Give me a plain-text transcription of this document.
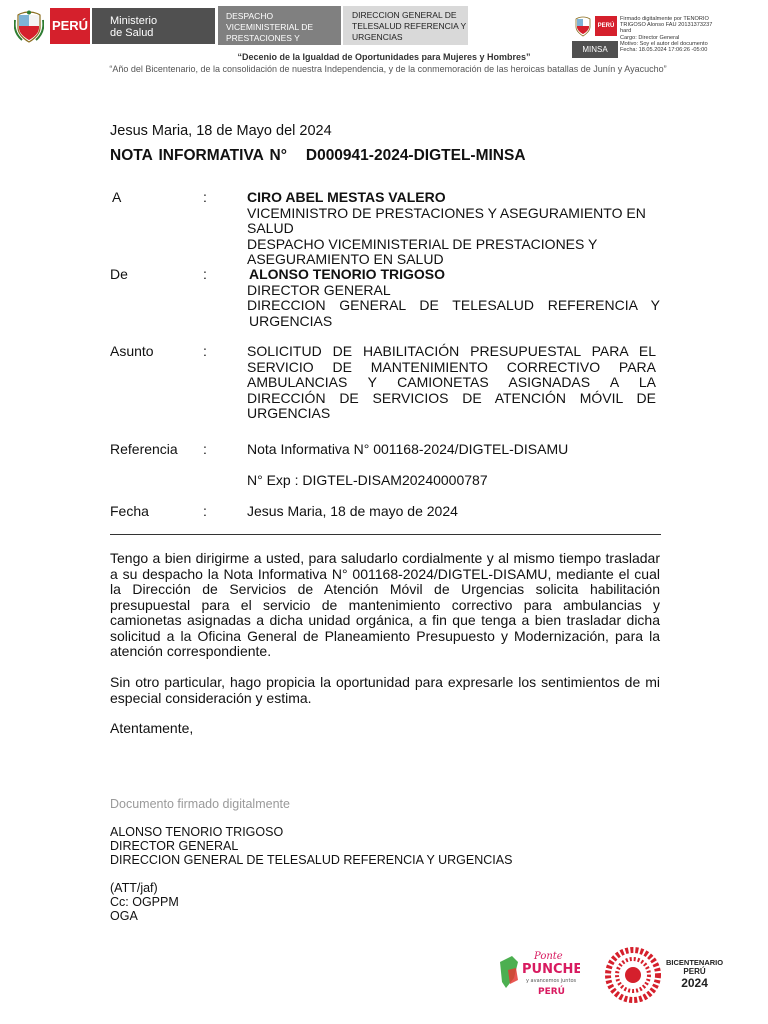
PERÚ	Ministerio
de Salud
DESPACHO VICEMINISTERIAL DE PRESTACIONES Y
DIRECCION GENERAL DE TELESALUD REFERENCIA Y URGENCIAS
PERÚ
MINSA
Firmado digitalmente por TENORIO
TRIGOSO Alonso FAU 20131373237
hard
Cargo: Director General
Motivo: Soy el autor del documento
Fecha: 18.05.2024 17:06:26 -05:00
“Decenio de la Igualdad de Oportunidades para Mujeres y Hombres”
“Año del Bicentenario, de la consolidación de nuestra Independencia, y de la conmemoración de las heroicas batallas de Junín y Ayacucho”
Jesus Maria, 18 de Mayo del 2024
NOTA INFORMATIVA N° D000941-2024-DIGTEL-MINSA
A	:	CIRO ABEL MESTAS VALERO
VICEMINISTRO DE PRESTACIONES Y ASEGURAMIENTO EN SALUD
DESPACHO VICEMINISTERIAL DE PRESTACIONES Y
ASEGURAMIENTO EN SALUD
De	:	ALONSO TENORIO TRIGOSO
DIRECTOR GENERAL
DIRECCION GENERAL DE TELESALUD REFERENCIA Y
URGENCIAS
Asunto	:	SOLICITUD DE HABILITACIÓN PRESUPUESTAL PARA EL
SERVICIO DE MANTENIMIENTO CORRECTIVO PARA
AMBULANCIAS Y CAMIONETAS ASIGNADAS A LA
DIRECCIÓN DE SERVICIOS DE ATENCIÓN MÓVIL DE
URGENCIAS
Referencia :	Nota Informativa N° 001168-2024/DIGTEL-DISAMU
N° Exp : DIGTEL-DISAM20240000787
Fecha	:	Jesus Maria, 18 de mayo de 2024
Tengo a bien dirigirme a usted, para saludarlo cordialmente y al mismo tiempo trasladar
a su despacho la Nota Informativa N° 001168-2024/DIGTEL-DISAMU, mediante el cual
la Dirección de Servicios de Atención Móvil de Urgencias solicita habilitación
presupuestal para el servicio de mantenimiento correctivo para ambulancias y
camionetas asignadas a dicha unidad orgánica, a fin que tenga a bien trasladar dicha
solicitud a la Oficina General de Planeamiento Presupuesto y Modernización, para la
atención correspondiente.
Sin otro particular, hago propicia la oportunidad para expresarle los sentimientos de mi
especial consideración y estima.
Atentamente,
Documento firmado digitalmente
ALONSO TENORIO TRIGOSO
DIRECTOR GENERAL
DIRECCION GENERAL DE TELESALUD REFERENCIA Y URGENCIAS
(ATT/jaf)
Cc: OGPPM
OGA
Ponte
PUNCHE
y avancemos juntos
PERÚ
BICENTENARIO
PERÚ
2024
